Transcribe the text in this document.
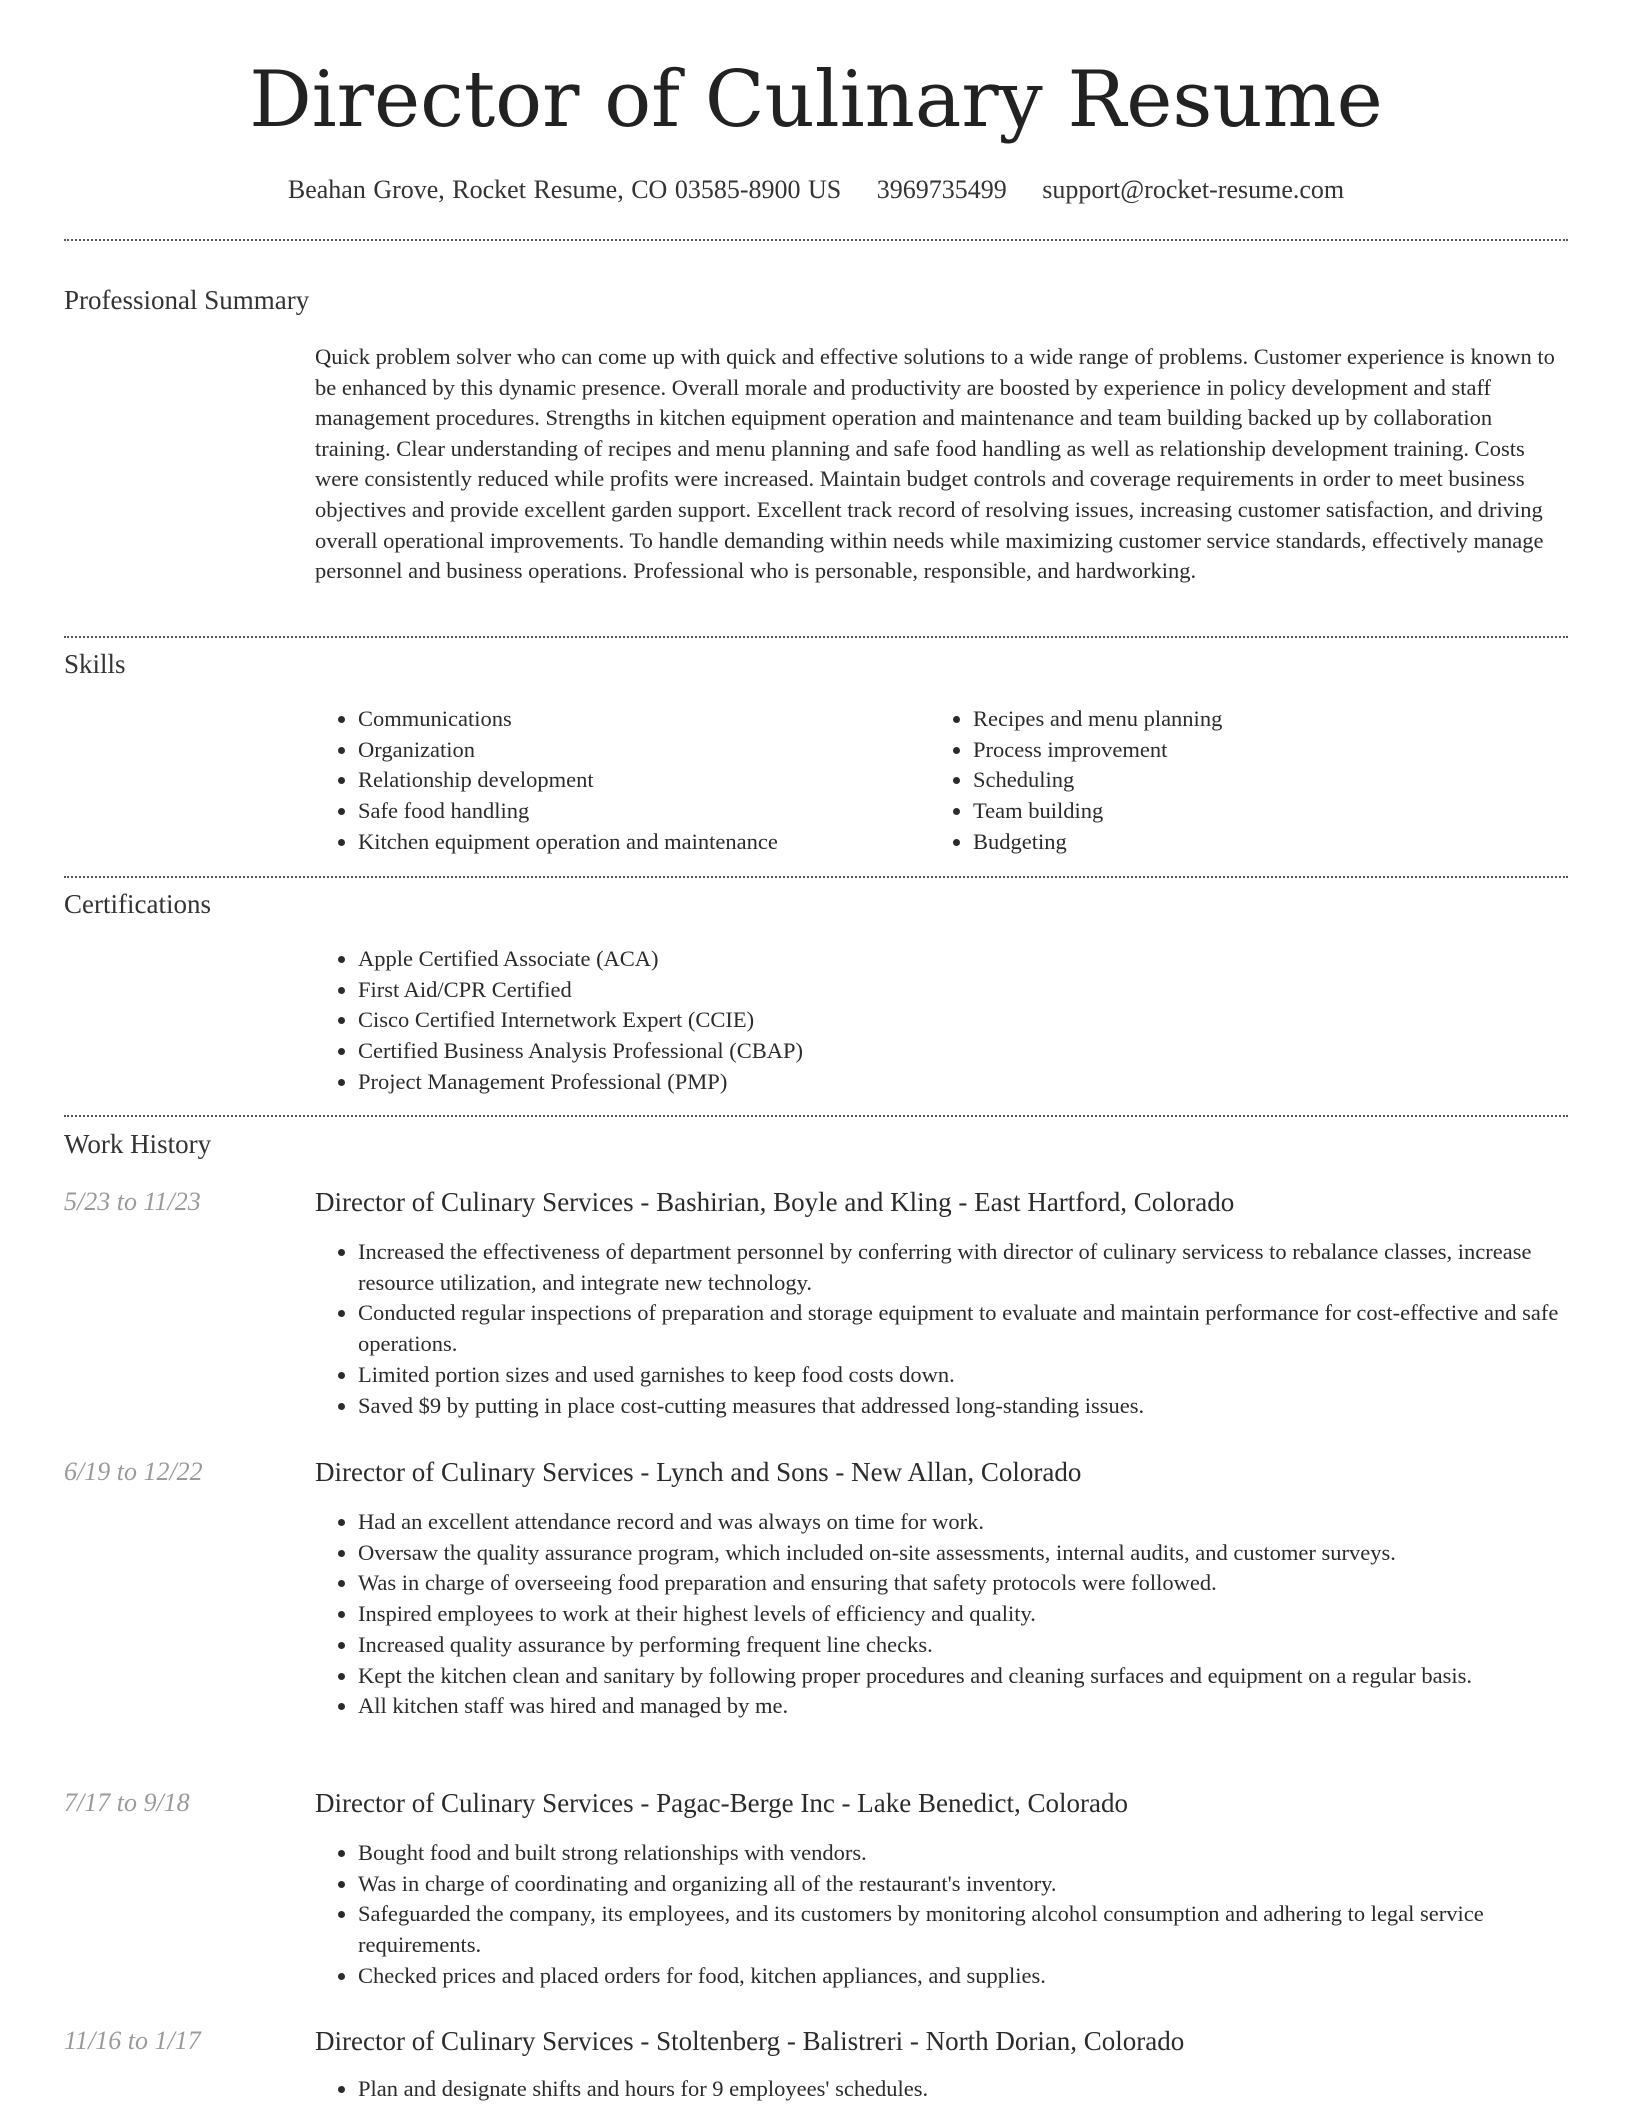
Director of Culinary Resume
Beahan Grove, Rocket Resume, CO 03585-8900 US 3969735499 support@rocket-resume.com
Professional Summary
Quick problem solver who can come up with quick and effective solutions to a wide range of problems. Customer experience is known to be enhanced by this dynamic presence. Overall morale and productivity are boosted by experience in policy development and staff management procedures. Strengths in kitchen equipment operation and maintenance and team building backed up by collaboration training. Clear understanding of recipes and menu planning and safe food handling as well as relationship development training. Costs were consistently reduced while profits were increased. Maintain budget controls and coverage requirements in order to meet business objectives and provide excellent garden support. Excellent track record of resolving issues, increasing customer satisfaction, and driving overall operational improvements. To handle demanding within needs while maximizing customer service standards, effectively manage personnel and business operations. Professional who is personable, responsible, and hardworking.
Skills
• Communications
• Organization
• Relationship development
• Safe food handling
• Kitchen equipment operation and maintenance
• Recipes and menu planning
• Process improvement
• Scheduling
• Team building
• Budgeting
Certifications
• Apple Certified Associate (ACA)
• First Aid/CPR Certified
• Cisco Certified Internetwork Expert (CCIE)
• Certified Business Analysis Professional (CBAP)
• Project Management Professional (PMP)
Work History
5/23 to 11/23	Director of Culinary Services - Bashirian, Boyle and Kling - East Hartford, Colorado
• Increased the effectiveness of department personnel by conferring with director of culinary servicess to rebalance classes, increase resource utilization, and integrate new technology.
• Conducted regular inspections of preparation and storage equipment to evaluate and maintain performance for cost-effective and safe operations.
• Limited portion sizes and used garnishes to keep food costs down.
• Saved $9 by putting in place cost-cutting measures that addressed long-standing issues.
6/19 to 12/22	Director of Culinary Services - Lynch and Sons - New Allan, Colorado
• Had an excellent attendance record and was always on time for work.
• Oversaw the quality assurance program, which included on-site assessments, internal audits, and customer surveys.
• Was in charge of overseeing food preparation and ensuring that safety protocols were followed.
• Inspired employees to work at their highest levels of efficiency and quality.
• Increased quality assurance by performing frequent line checks.
• Kept the kitchen clean and sanitary by following proper procedures and cleaning surfaces and equipment on a regular basis.
• All kitchen staff was hired and managed by me.
7/17 to 9/18	Director of Culinary Services - Pagac-Berge Inc - Lake Benedict, Colorado
• Bought food and built strong relationships with vendors.
• Was in charge of coordinating and organizing all of the restaurant's inventory.
• Safeguarded the company, its employees, and its customers by monitoring alcohol consumption and adhering to legal service requirements.
• Checked prices and placed orders for food, kitchen appliances, and supplies.
11/16 to 1/17	Director of Culinary Services - Stoltenberg - Balistreri - North Dorian, Colorado
• Plan and designate shifts and hours for 9 employees' schedules.
